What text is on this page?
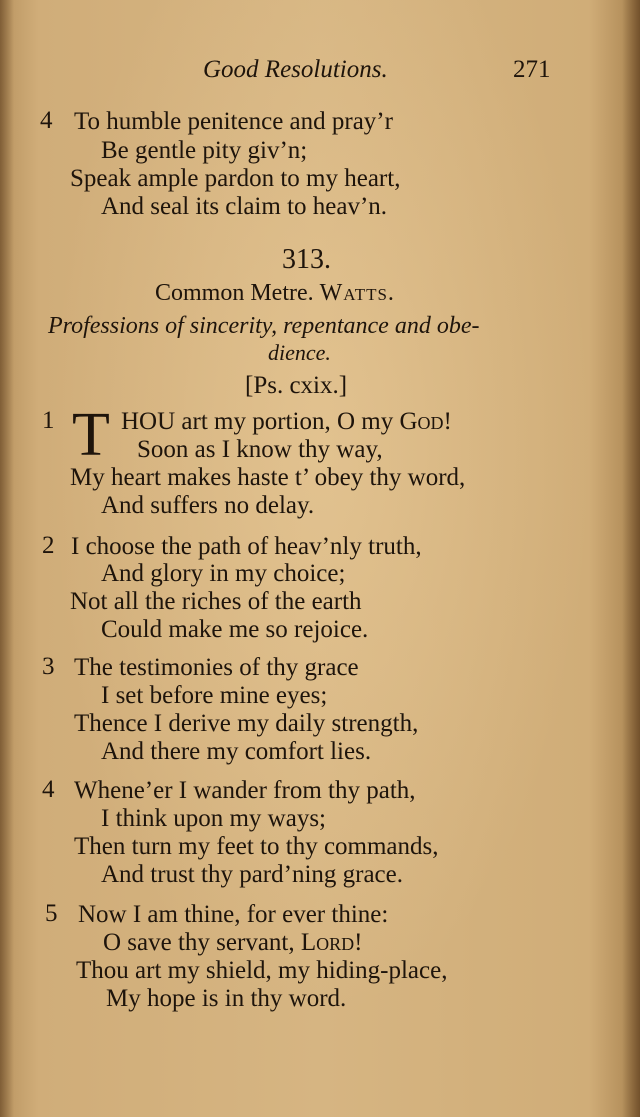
Good Resolutions.	271
4 To humble penitence and pray’r
Be gentle pity giv’n;
Speak ample pardon to my heart,
And seal its claim to heav’n.
313.
Common Metre. Watts.
Professions of sincerity, repentance and obe-
dience.
[Ps. cxix.]
1 T HOU art my portion, O my God!
Soon as I know thy way,
My heart makes haste t’ obey thy word,
And suffers no delay.
2 I choose the path of heav’nly truth,
And glory in my choice;
Not all the riches of the earth
Could make me so rejoice.
3 The testimonies of thy grace
I set before mine eyes;
Thence I derive my daily strength,
And there my comfort lies.
4 Whene’er I wander from thy path,
I think upon my ways;
Then turn my feet to thy commands,
And trust thy pard’ning grace.
5 Now I am thine, for ever thine:
O save thy servant, Lord!
Thou art my shield, my hiding-place,
My hope is in thy word.
